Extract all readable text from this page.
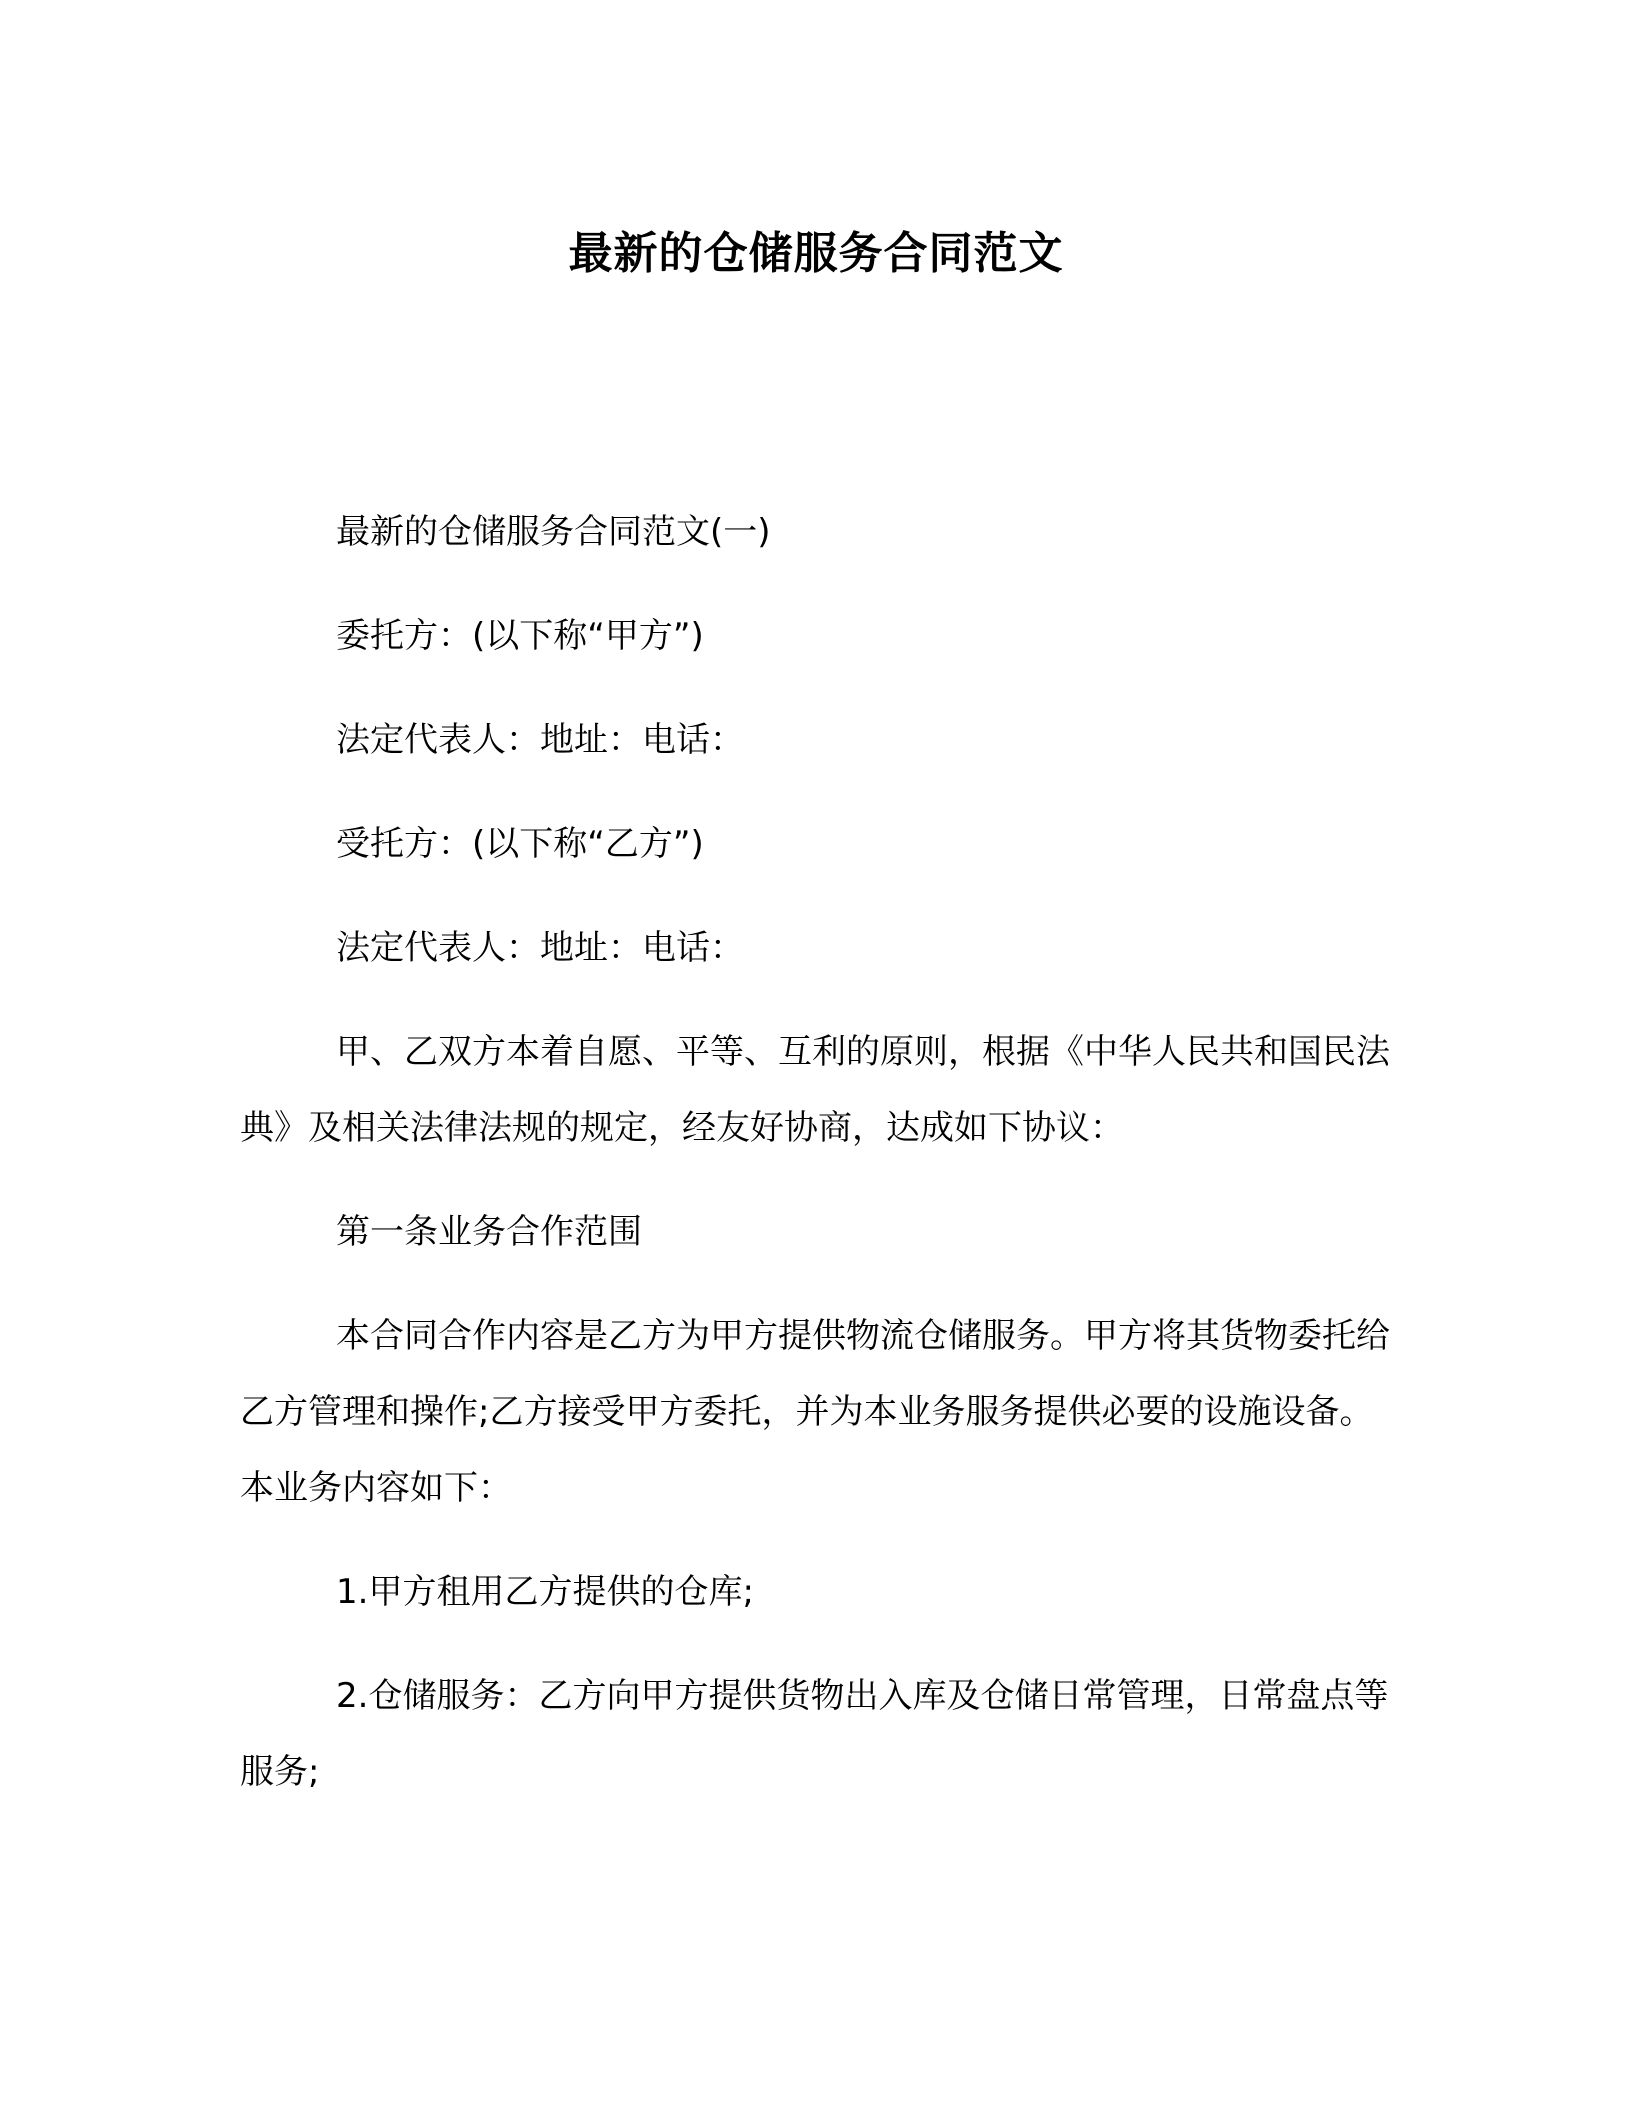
最新的仓储服务合同范文

最新的仓储服务合同范文(一)

委托方：(以下称“甲方”)

法定代表人：地址：电话：

受托方：(以下称“乙方”)

法定代表人：地址：电话：

甲、乙双方本着自愿、平等、互利的原则，根据《中华人民共和国民法典》及相关法律法规的规定，经友好协商，达成如下协议：

第一条业务合作范围

本合同合作内容是乙方为甲方提供物流仓储服务。甲方将其货物委托给乙方管理和操作;乙方接受甲方委托，并为本业务服务提供必要的设施设备。本业务内容如下：

1.甲方租用乙方提供的仓库;

2.仓储服务：乙方向甲方提供货物出入库及仓储日常管理，日常盘点等服务;
